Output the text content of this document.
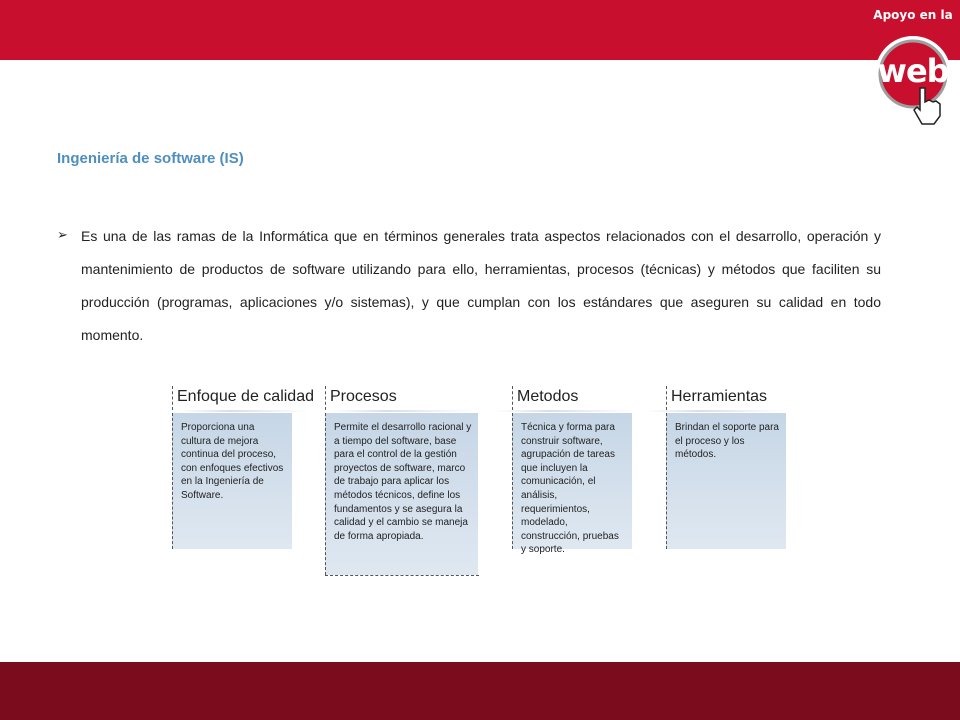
Apoyo en la
web
Ingeniería de software (IS)
➢ Es una de las ramas de la Informática que en términos generales trata aspectos relacionados con el desarrollo, operación y mantenimiento de productos de software utilizando para ello, herramientas, procesos (técnicas) y métodos que faciliten su producción (programas, aplicaciones y/o sistemas), y que cumplan con los estándares que aseguren su calidad en todo momento.
Enfoque de calidad
Proporciona una cultura de mejora continua del proceso, con enfoques efectivos en la Ingeniería de Software.
Procesos
Permite el desarrollo racional y a tiempo del software, base para el control de la gestión proyectos de software, marco de trabajo para aplicar los métodos técnicos, define los fundamentos y se asegura la calidad y el cambio se maneja de forma apropiada.
Metodos
Técnica y forma para construir software, agrupación de tareas que incluyen la comunicación, el análisis, requerimientos, modelado, construcción, pruebas y soporte.
Herramientas
Brindan el soporte para el proceso y los métodos.
